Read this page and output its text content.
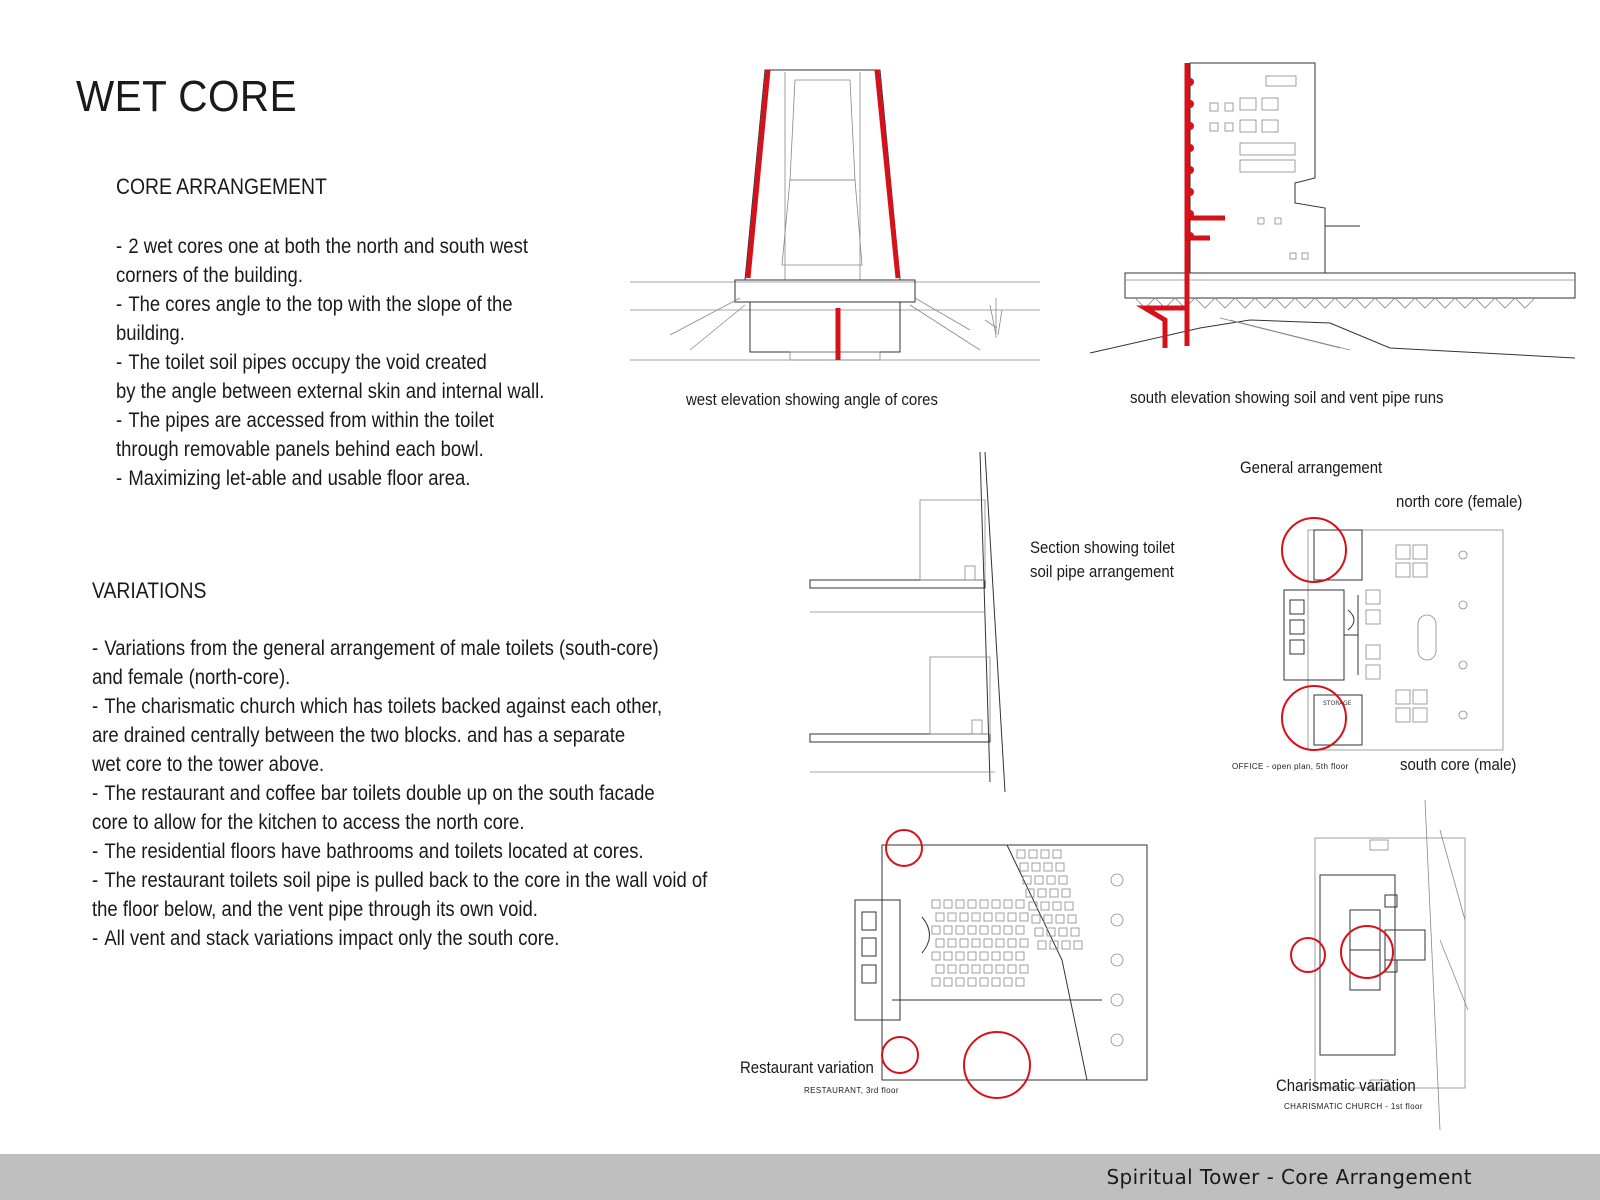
WET CORE
CORE ARRANGEMENT
- 2 wet cores one at both the north and south west
corners of the building.
- The cores angle to the top with the slope of the
building.
- The toilet soil pipes occupy the void created
by the angle between external skin and internal wall.
- The pipes are accessed from within the toilet
through removable panels behind each bowl.
- Maximizing let-able and usable floor area.
VARIATIONS
- Variations from the general arrangement of male toilets (south-core)
and female (north-core).
- The charismatic church which has toilets backed against each other,
are drained centrally between the two blocks. and has a separate
wet core to the tower above.
- The restaurant and coffee bar toilets double up on the south facade
core to allow for the kitchen to access the north core.
- The residential floors have bathrooms and toilets located at cores.
- The restaurant toilets soil pipe is pulled back to the core in the wall void of
the floor below, and the vent pipe through its own void.
- All vent and stack variations impact only the south core.
west elevation showing angle of cores	south elevation showing soil and vent pipe runs
Section showing toilet
soil pipe arrangement
General arrangement
north core (female)
south core (male)
STORAGE
OFFICE - open plan, 5th floor
Restaurant variation
RESTAURANT, 3rd floor	Charismatic variation
CHARISMATIC CHURCH - 1st floor
Spiritual Tower - Core Arrangement
